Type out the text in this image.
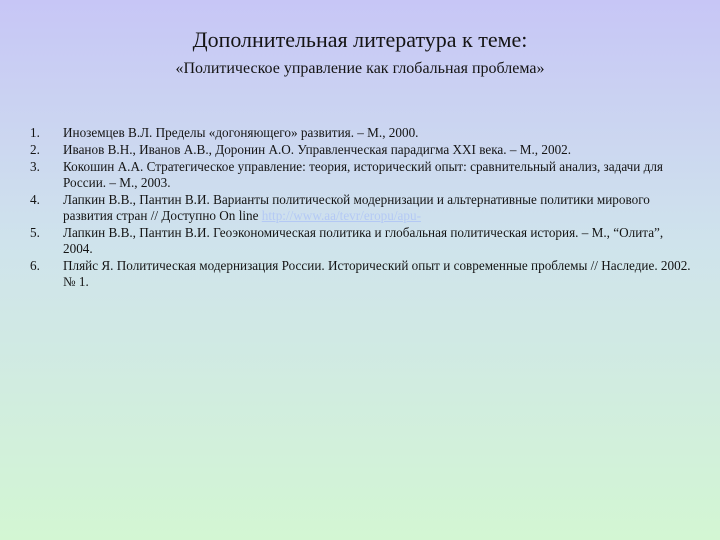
Дополнительная литература к теме:
«Политическое управление как глобальная проблема»
1.	Иноземцев В.Л. Пределы «догоняющего» развития. – М., 2000.
2.	Иванов В.Н., Иванов А.В., Доронин А.О. Управленческая парадигма XXI века. – М., 2002.
3.	Кокошин А.А. Стратегическое управление: теория, исторический опыт: сравнительный анализ, задачи для России. – М., 2003.
4.	Лапкин В.В., Пантин В.И. Варианты политической модернизации и альтернативные политики мирового развития стран // Доступно On line http://www.aa/tevr/eropu/apu-
5.	Лапкин В.В., Пантин В.И. Геоэкономическая политика и глобальная политическая история. – М., “Олита”, 2004.
6.	Пляйс Я. Политическая модернизация России. Исторический опыт и современные проблемы // Наследие. 2002. № 1.
